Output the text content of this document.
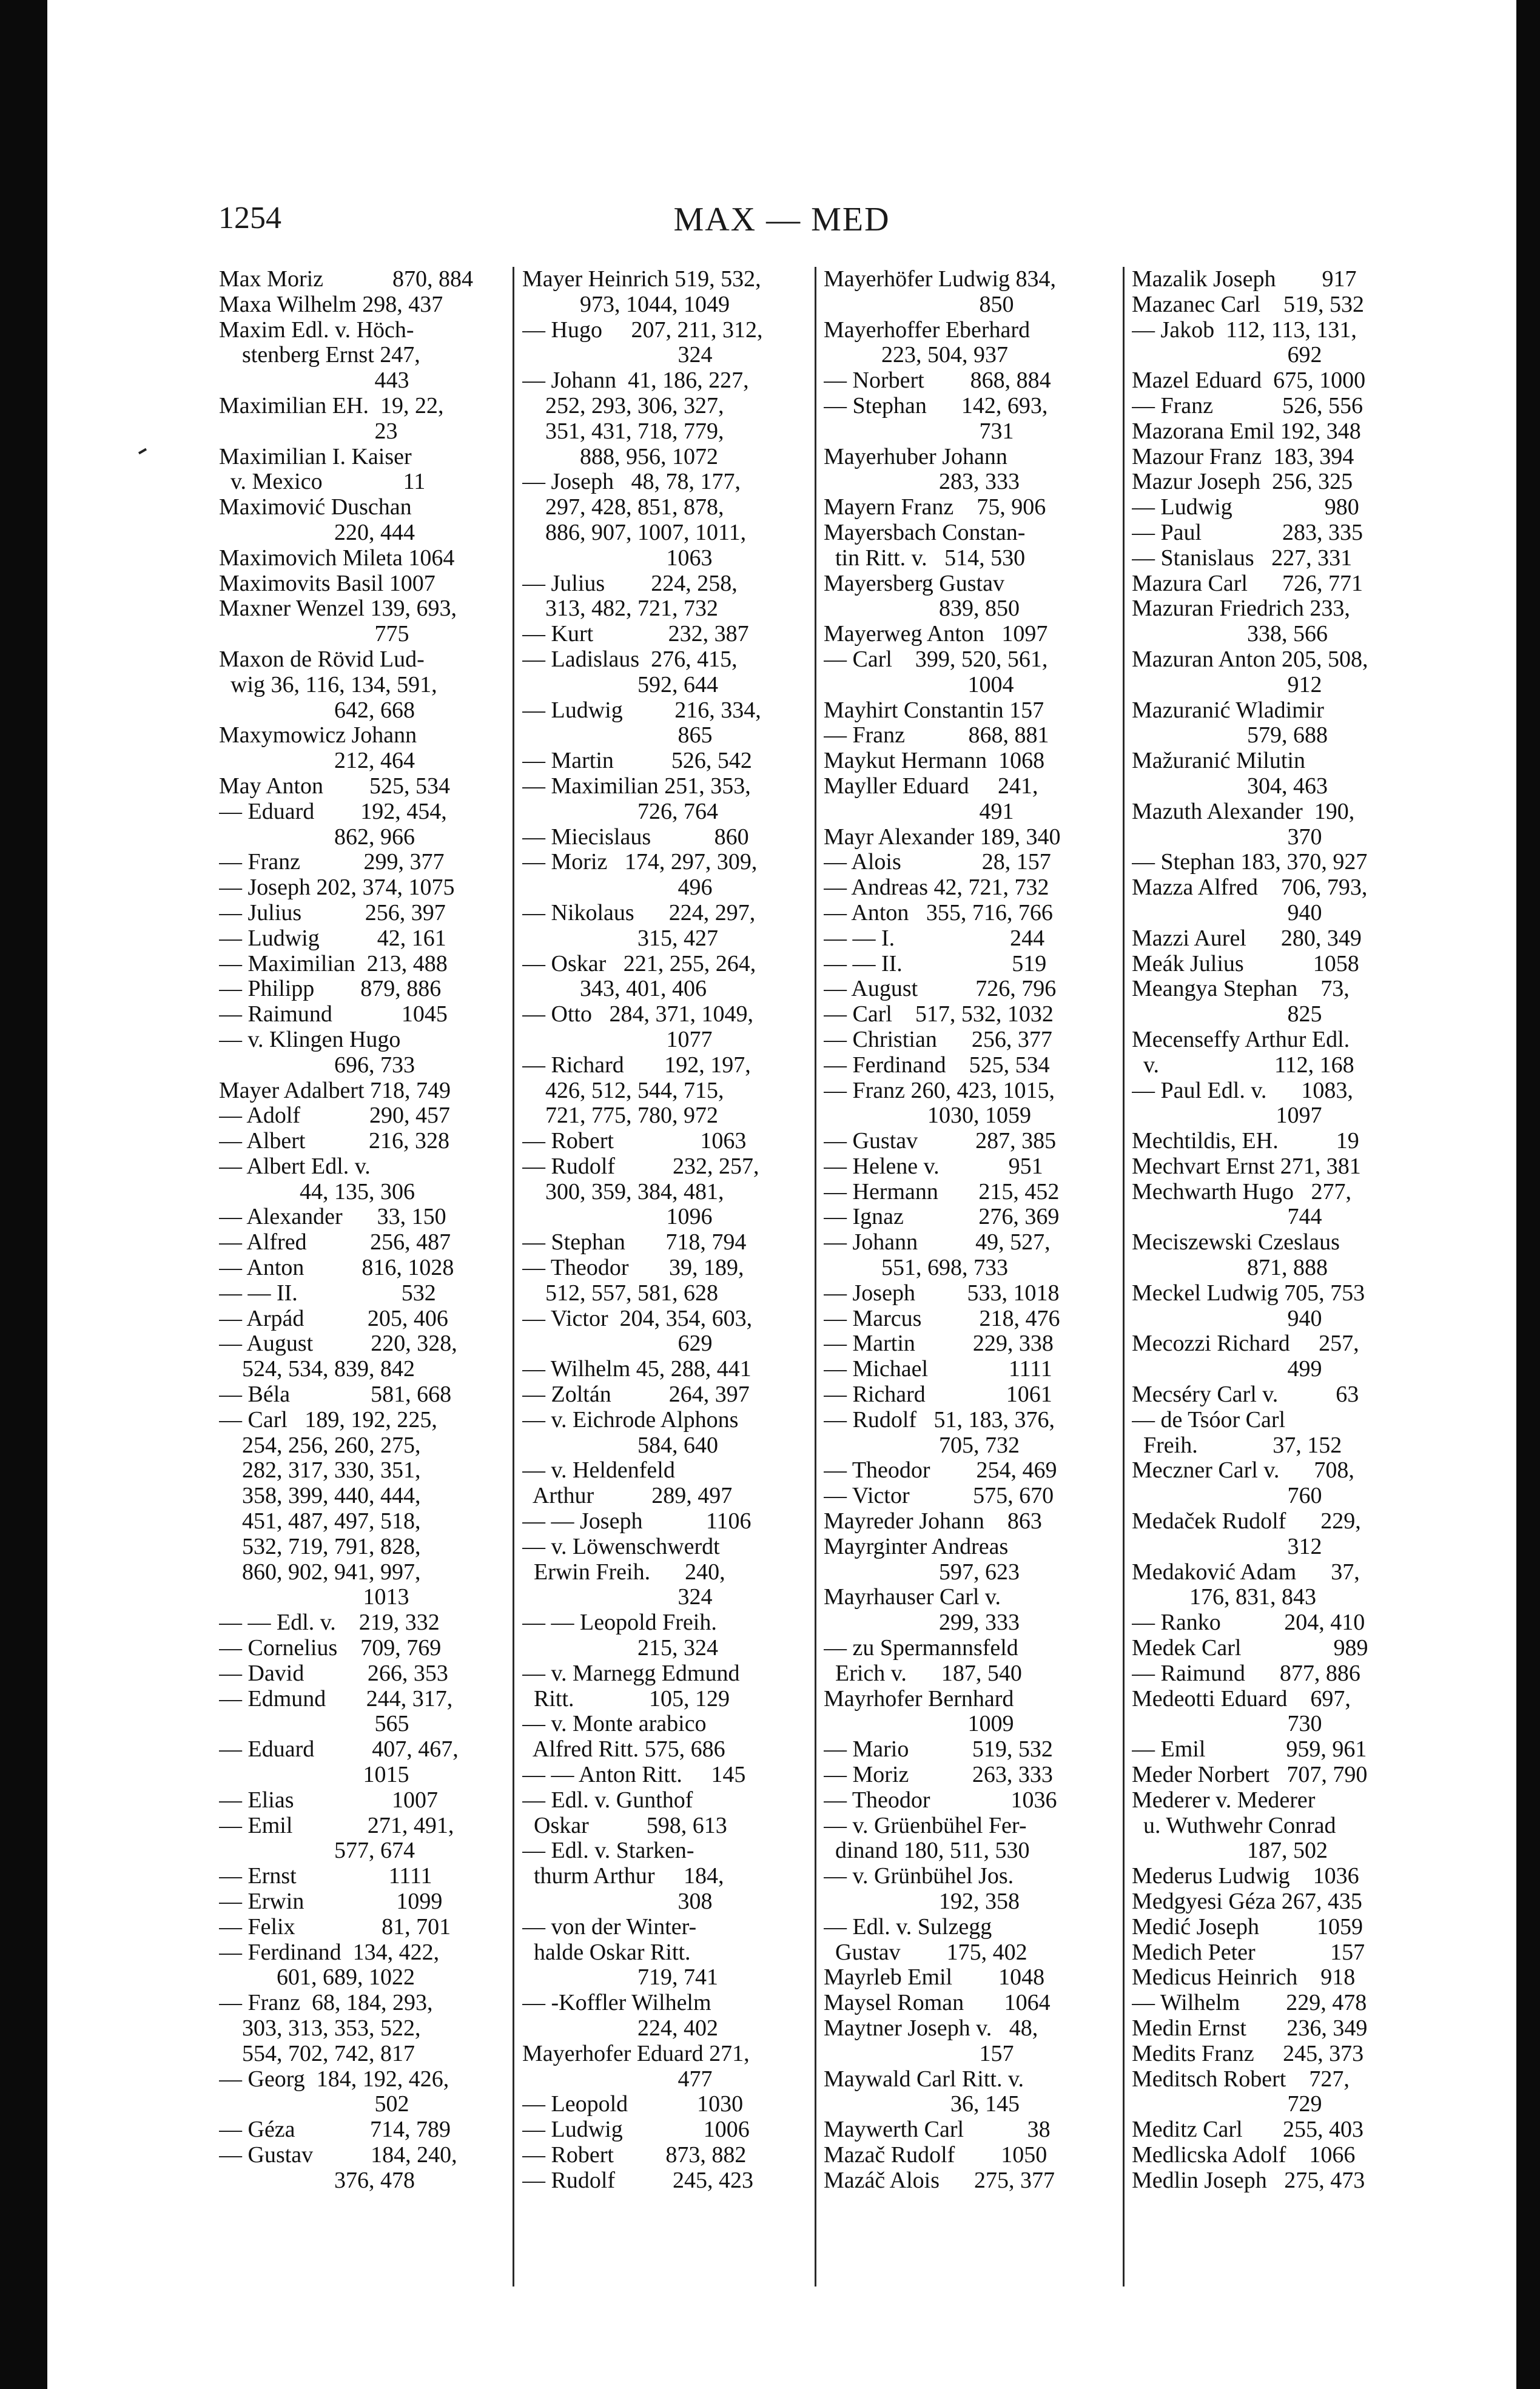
MAX — MED
1254
Max Moriz            870, 884
Maxa Wilhelm 298, 437
Maxim Edl. v. Höch-
stenberg Ernst 247,
443
Maximilian EH.  19, 22,
23
Maximilian I. Kaiser
v. Mexico              11
Maximović Duschan
220, 444
Maximovich Mileta 1064
Maximovits Basil 1007
Maxner Wenzel 139, 693,
775
Maxon de Rövid Lud-
wig 36, 116, 134, 591,
642, 668
Maxymowicz Johann
212, 464
May Anton        525, 534
— Eduard        192, 454,
862, 966
— Franz           299, 377
— Joseph 202, 374, 1075
— Julius           256, 397
— Ludwig          42, 161
— Maximilian  213, 488
— Philipp        879, 886
— Raimund            1045
— v. Klingen Hugo
696, 733
Mayer Adalbert 718, 749
— Adolf            290, 457
— Albert           216, 328
— Albert Edl. v.
44, 135, 306
— Alexander      33, 150
— Alfred           256, 487
— Anton          816, 1028
— — II.                  532
— Arpád           205, 406
— August          220, 328,
524, 534, 839, 842
— Béla              581, 668
— Carl   189, 192, 225,
254, 256, 260, 275,
282, 317, 330, 351,
358, 399, 440, 444,
451, 487, 497, 518,
532, 719, 791, 828,
860, 902, 941, 997,
1013
— — Edl. v.    219, 332
— Cornelius    709, 769
— David           266, 353
— Edmund       244, 317,
565
— Eduard          407, 467,
1015
— Elias                 1007
— Emil             271, 491,
577, 674
— Ernst                1111
— Erwin                1099
— Felix               81, 701
— Ferdinand  134, 422,
601, 689, 1022
— Franz  68, 184, 293,
303, 313, 353, 522,
554, 702, 742, 817
— Georg  184, 192, 426,
502
— Géza             714, 789
— Gustav          184, 240,
376, 478
Mayer Heinrich 519, 532,
973, 1044, 1049
— Hugo     207, 211, 312,
324
— Johann  41, 186, 227,
252, 293, 306, 327,
351, 431, 718, 779,
888, 956, 1072
— Joseph   48, 78, 177,
297, 428, 851, 878,
886, 907, 1007, 1011,
1063
— Julius        224, 258,
313, 482, 721, 732
— Kurt             232, 387
— Ladislaus  276, 415,
592, 644
— Ludwig         216, 334,
865
— Martin          526, 542
— Maximilian 251, 353,
726, 764
— Miecislaus           860
— Moriz   174, 297, 309,
496
— Nikolaus      224, 297,
315, 427
— Oskar   221, 255, 264,
343, 401, 406
— Otto   284, 371, 1049,
1077
— Richard       192, 197,
426, 512, 544, 715,
721, 775, 780, 972
— Robert               1063
— Rudolf          232, 257,
300, 359, 384, 481,
1096
— Stephan       718, 794
— Theodor       39, 189,
512, 557, 581, 628
— Victor  204, 354, 603,
629
— Wilhelm 45, 288, 441
— Zoltán          264, 397
— v. Eichrode Alphons
584, 640
— v. Heldenfeld
Arthur          289, 497
— — Joseph           1106
— v. Löwenschwerdt
Erwin Freih.      240,
324
— — Leopold Freih.
215, 324
— v. Marnegg Edmund
Ritt.             105, 129
— v. Monte arabico
Alfred Ritt. 575, 686
— — Anton Ritt.     145
— Edl. v. Gunthof
Oskar          598, 613
— Edl. v. Starken-
thurm Arthur     184,
308
— von der Winter-
halde Oskar Ritt.
719, 741
— -Koffler Wilhelm
224, 402
Mayerhofer Eduard 271,
477
— Leopold            1030
— Ludwig              1006
— Robert         873, 882
— Rudolf          245, 423
Mayerhöfer Ludwig 834,
850
Mayerhoffer Eberhard
223, 504, 937
— Norbert        868, 884
— Stephan      142, 693,
731
Mayerhuber Johann
283, 333
Mayern Franz    75, 906
Mayersbach Constan-
tin Ritt. v.   514, 530
Mayersberg Gustav
839, 850
Mayerweg Anton   1097
— Carl    399, 520, 561,
1004
Mayhirt Constantin 157
— Franz           868, 881
Maykut Hermann  1068
Mayller Eduard     241,
491
Mayr Alexander 189, 340
— Alois              28, 157
— Andreas 42, 721, 732
— Anton   355, 716, 766
— — I.                    244
— — II.                   519
— August          726, 796
— Carl    517, 532, 1032
— Christian      256, 377
— Ferdinand    525, 534
— Franz 260, 423, 1015,
1030, 1059
— Gustav          287, 385
— Helene v.            951
— Hermann       215, 452
— Ignaz             276, 369
— Johann          49, 527,
551, 698, 733
— Joseph         533, 1018
— Marcus          218, 476
— Martin          229, 338
— Michael              1111
— Richard              1061
— Rudolf   51, 183, 376,
705, 732
— Theodor        254, 469
— Victor           575, 670
Mayreder Johann    863
Mayrginter Andreas
597, 623
Mayrhauser Carl v.
299, 333
— zu Spermannsfeld
Erich v.      187, 540
Mayrhofer Bernhard
1009
— Mario           519, 532
— Moriz           263, 333
— Theodor              1036
— v. Grüenbühel Fer-
dinand 180, 511, 530
— v. Grünbühel Jos.
192, 358
— Edl. v. Sulzegg
Gustav        175, 402
Mayrleb Emil        1048
Maysel Roman       1064
Maytner Joseph v.   48,
157
Maywald Carl Ritt. v.
36, 145
Maywerth Carl           38
Mazač Rudolf        1050
Mazáč Alois      275, 377
Mazalik Joseph        917
Mazanec Carl    519, 532
— Jakob  112, 113, 131,
692
Mazel Eduard  675, 1000
— Franz            526, 556
Mazorana Emil 192, 348
Mazour Franz  183, 394
Mazur Joseph  256, 325
— Ludwig                980
— Paul              283, 335
— Stanislaus   227, 331
Mazura Carl      726, 771
Mazuran Friedrich 233,
338, 566
Mazuran Anton 205, 508,
912
Mazuranić Wladimir
579, 688
Mažuranić Milutin
304, 463
Mazuth Alexander  190,
370
— Stephan 183, 370, 927
Mazza Alfred    706, 793,
940
Mazzi Aurel      280, 349
Meák Julius            1058
Meangya Stephan    73,
825
Mecenseffy Arthur Edl.
v.                    112, 168
— Paul Edl. v.      1083,
1097
Mechtildis, EH.          19
Mechvart Ernst 271, 381
Mechwarth Hugo   277,
744
Meciszewski Czeslaus
871, 888
Meckel Ludwig 705, 753
940
Mecozzi Richard     257,
499
Mecséry Carl v.          63
— de Tsóor Carl
Freih.             37, 152
Meczner Carl v.      708,
760
Medaček Rudolf      229,
312
Medaković Adam      37,
176, 831, 843
— Ranko           204, 410
Medek Carl                989
— Raimund      877, 886
Medeotti Eduard    697,
730
— Emil              959, 961
Meder Norbert   707, 790
Mederer v. Mederer
u. Wuthwehr Conrad
187, 502
Mederus Ludwig    1036
Medgyesi Géza 267, 435
Medić Joseph          1059
Medich Peter             157
Medicus Heinrich    918
— Wilhelm        229, 478
Medin Ernst       236, 349
Medits Franz     245, 373
Meditsch Robert    727,
729
Meditz Carl       255, 403
Medlicska Adolf    1066
Medlin Joseph   275, 473
